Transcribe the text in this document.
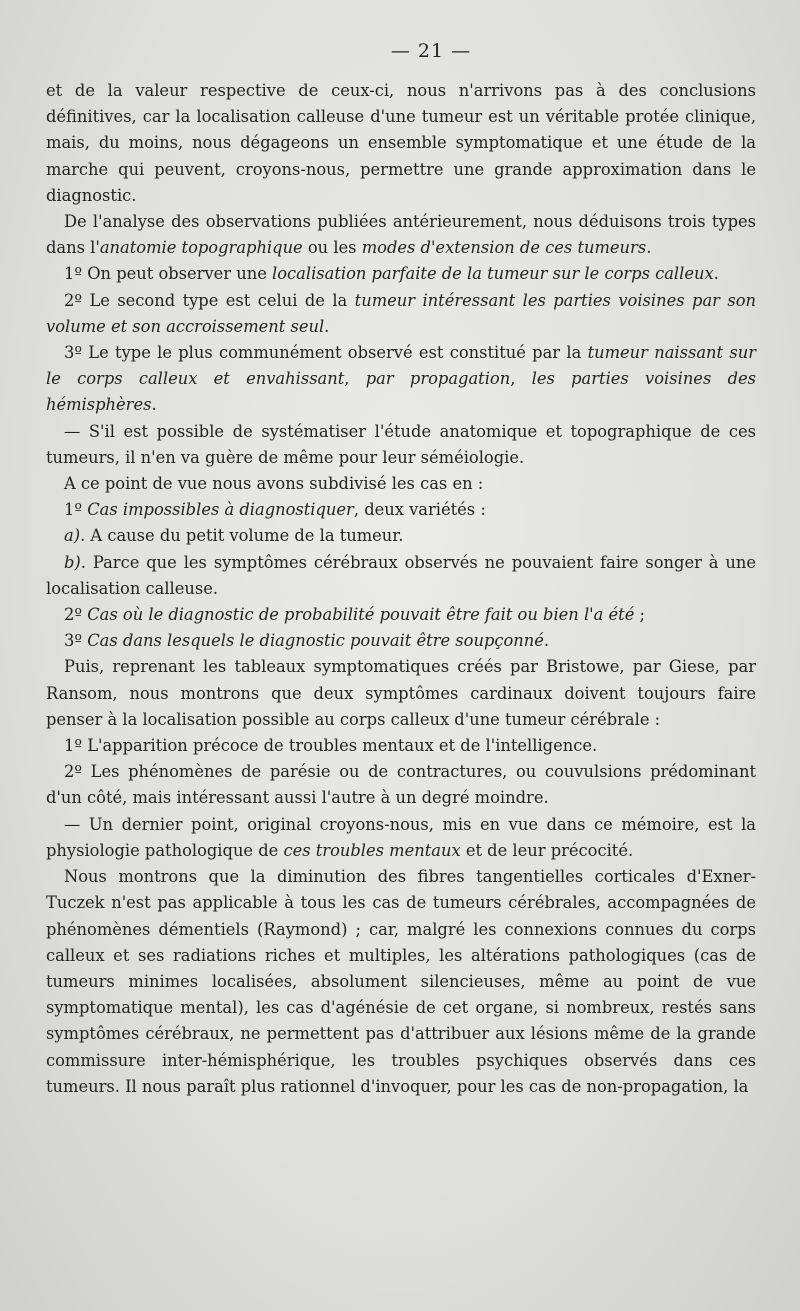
— 21 —

et de la valeur respective de ceux-ci, nous n'arrivons pas à des conclusions définitives, car la localisation calleuse d'une tumeur est un véritable protée clinique, mais, du moins, nous dégageons un ensemble symptomatique et une étude de la marche qui peuvent, croyons-nous, permettre une grande approximation dans le diagnostic.

De l'analyse des observations publiées antérieurement, nous déduisons trois types dans l'anatomie topographique ou les modes d'extension de ces tumeurs.

1º On peut observer une localisation parfaite de la tumeur sur le corps calleux.

2º Le second type est celui de la tumeur intéressant les parties voisines par son volume et son accroissement seul.

3º Le type le plus communément observé est constitué par la tumeur naissant sur le corps calleux et envahissant, par propagation, les parties voisines des hémisphères.

— S'il est possible de systématiser l'étude anatomique et topographique de ces tumeurs, il n'en va guère de même pour leur séméiologie.

A ce point de vue nous avons subdivisé les cas en :

1º Cas impossibles à diagnostiquer, deux variétés :

a). A cause du petit volume de la tumeur.

b). Parce que les symptômes cérébraux observés ne pouvaient faire songer à une localisation calleuse.

2º Cas où le diagnostic de probabilité pouvait être fait ou bien l'a été ;

3º Cas dans lesquels le diagnostic pouvait être soupçonné.

Puis, reprenant les tableaux symptomatiques créés par Bristowe, par Giese, par Ransom, nous montrons que deux symptômes cardinaux doivent toujours faire penser à la localisation possible au corps calleux d'une tumeur cérébrale :

1º L'apparition précoce de troubles mentaux et de l'intelligence.

2º Les phénomènes de parésie ou de contractures, ou couvulsions prédominant d'un côté, mais intéressant aussi l'autre à un degré moindre.

— Un dernier point, original croyons-nous, mis en vue dans ce mémoire, est la physiologie pathologique de ces troubles mentaux et de leur précocité.

Nous montrons que la diminution des fibres tangentielles corticales d'Exner-Tuczek n'est pas applicable à tous les cas de tumeurs cérébrales, accompagnées de phénomènes démentiels (Raymond) ; car, malgré les connexions connues du corps calleux et ses radiations riches et multiples, les altérations pathologiques (cas de tumeurs minimes localisées, absolument silencieuses, même au point de vue symptomatique mental), les cas d'agénésie de cet organe, si nombreux, restés sans symptômes cérébraux, ne permettent pas d'attribuer aux lésions même de la grande commissure inter-hémisphérique, les troubles psychiques observés dans ces tumeurs. Il nous paraît plus rationnel d'invoquer, pour les cas de non-propagation, la
